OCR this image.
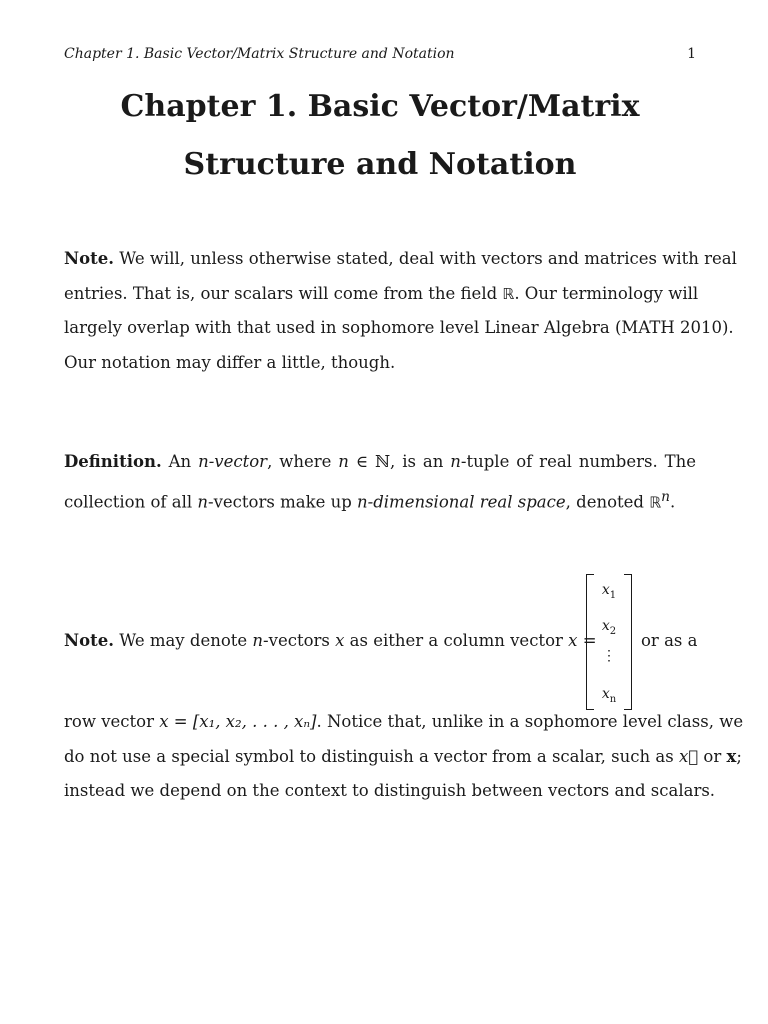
Chapter 1. Basic Vector/Matrix Structure and Notation	1
Chapter 1. Basic Vector/Matrix
Structure and Notation
Note. We will, unless otherwise stated, deal with vectors and matrices with real
entries. That is, our scalars will come from the field ℝ. Our terminology will
largely overlap with that used in sophomore level Linear Algebra (MATH 2010).
Our notation may differ a little, though.
Definition. An n-vector, where n ∈ ℕ, is an n-tuple of real numbers. The
collection of all n-vectors make up n-dimensional real space, denoted ℝ$^n$.
Note. We may denote n-vectors x as either a column vector x =
$x_1$
$x_2$
⋮
$x_n$
or as a
row vector x = [x₁, x₂, . . . , xₙ]. Notice that, unlike in a sophomore level class, we
do not use a special symbol to distinguish a vector from a scalar, such as x⃗ or x;
instead we depend on the context to distinguish between vectors and scalars.
